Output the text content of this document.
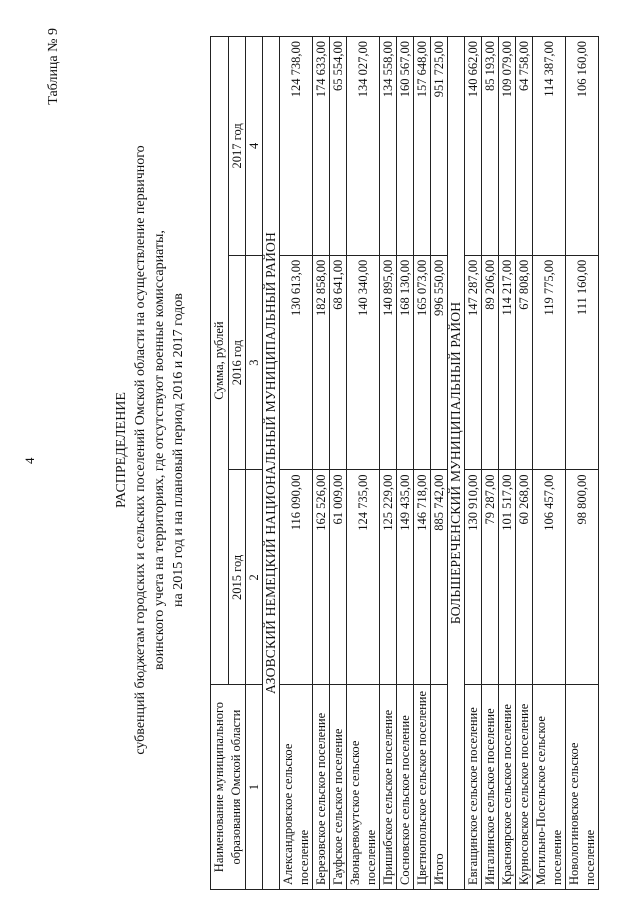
4
Таблица № 9
РАСПРЕДЕЛЕНИЕ субвенций бюджетам городских и сельских поселений Омской области на осуществление первичного воинского учета на территориях, где отсутствуют военные комиссариаты, на 2015 год и на плановый период 2016 и 2017 годов
Наименование муниципального образования Омской области	Сумма, рублей		
	2015 год	2016 год	2017 год
1	2	3	4
АЗОВСКИЙ НЕМЕЦКИЙ НАЦИОНАЛЬНЫЙ МУНИЦИПАЛЬНЫЙ РАЙОН			
Александровское сельское поселение	116 090,00	130 613,00	124 738,00
Березовское сельское поселение	162 526,00	182 858,00	174 633,00
Гауфское сельское поселение	61 009,00	68 641,00	65 554,00
Звонаревокутское сельское поселение	124 735,00	140 340,00	134 027,00
Пришибское сельское поселение	125 229,00	140 895,00	134 558,00
Сосновское сельское поселение	149 435,00	168 130,00	160 567,00
Цветнопольское сельское поселение	146 718,00	165 073,00	157 648,00
Итого	885 742,00	996 550,00	951 725,00
БОЛЬШЕРЕЧЕНСКИЙ МУНИЦИПАЛЬНЫЙ РАЙОН			
Евгащинское сельское поселение	130 910,00	147 287,00	140 662,00
Ингалинское сельское поселение	79 287,00	89 206,00	85 193,00
Красноярское сельское поселение	101 517,00	114 217,00	109 079,00
Курносовское сельское поселение	60 268,00	67 808,00	64 758,00
Могильно-Посельское сельское поселение	106 457,00	119 775,00	114 387,00
Новологиновское сельское поселение	98 800,00	111 160,00	106 160,00
